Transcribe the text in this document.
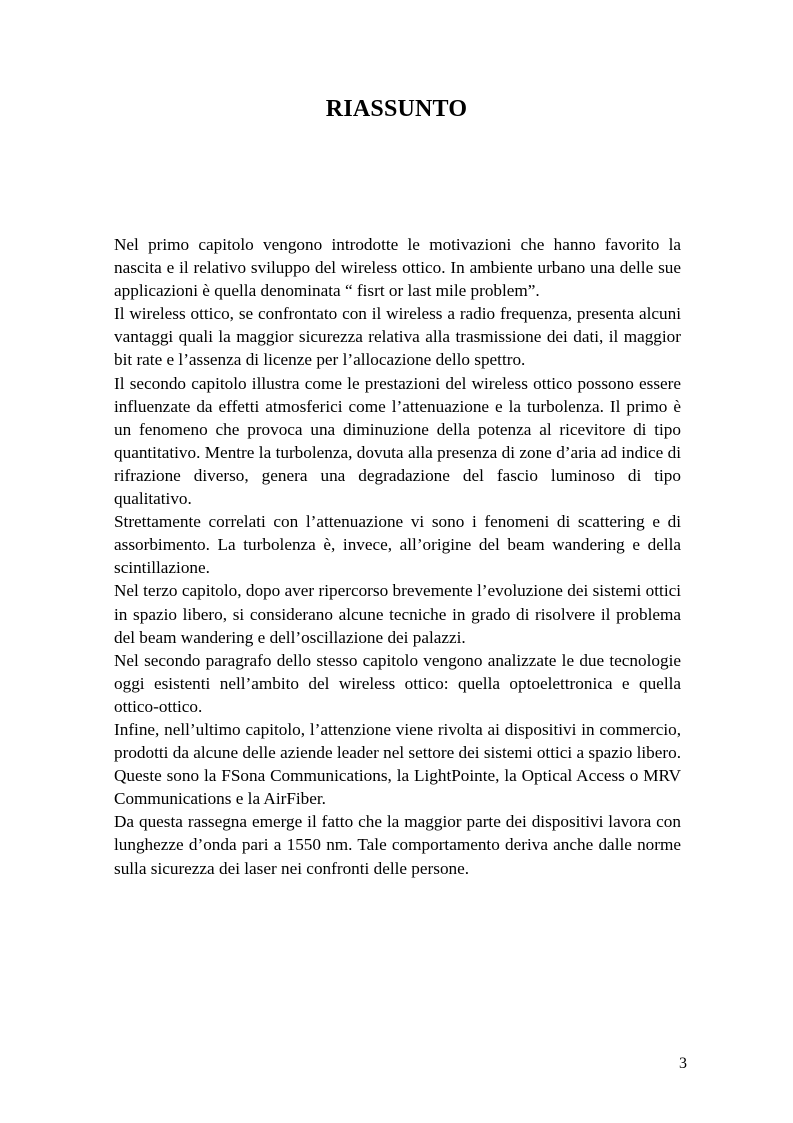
RIASSUNTO

Nel primo capitolo vengono introdotte le motivazioni che hanno favorito la nascita e il relativo sviluppo del wireless ottico. In ambiente urbano una delle sue applicazioni è quella denominata “ fisrt or last mile problem”.

Il wireless ottico, se confrontato con il wireless a radio frequenza, presenta alcuni vantaggi quali la maggior sicurezza relativa alla trasmissione dei dati, il maggior bit rate e l’assenza di licenze per l’allocazione dello spettro.

Il secondo capitolo illustra come le prestazioni del wireless ottico possono essere influenzate da effetti atmosferici come l’attenuazione e la turbolenza. Il primo è un fenomeno che provoca una diminuzione della potenza al ricevitore di tipo quantitativo. Mentre la turbolenza, dovuta alla presenza di zone d’aria ad indice di rifrazione diverso, genera una degradazione del fascio luminoso di tipo qualitativo.

Strettamente correlati con l’attenuazione vi sono i fenomeni di scattering e di assorbimento. La turbolenza è, invece, all’origine del beam wandering e della scintillazione.

Nel terzo capitolo, dopo aver ripercorso brevemente l’evoluzione dei sistemi ottici in spazio libero, si considerano alcune tecniche in grado di risolvere il problema del beam wandering e dell’oscillazione dei palazzi.

Nel secondo paragrafo dello stesso capitolo vengono analizzate le due tecnologie oggi esistenti nell’ambito del wireless ottico: quella optoelettronica e quella ottico-ottico.

Infine, nell’ultimo capitolo, l’attenzione viene rivolta ai dispositivi in commercio, prodotti da alcune delle aziende leader nel settore dei sistemi ottici a spazio libero. Queste sono la FSona Communications, la LightPointe, la Optical Access o MRV Communications e la AirFiber.

Da questa rassegna emerge il fatto che la maggior parte dei dispositivi lavora con lunghezze d’onda pari a 1550 nm. Tale comportamento deriva anche dalle norme sulla sicurezza dei laser nei confronti delle persone.

3
